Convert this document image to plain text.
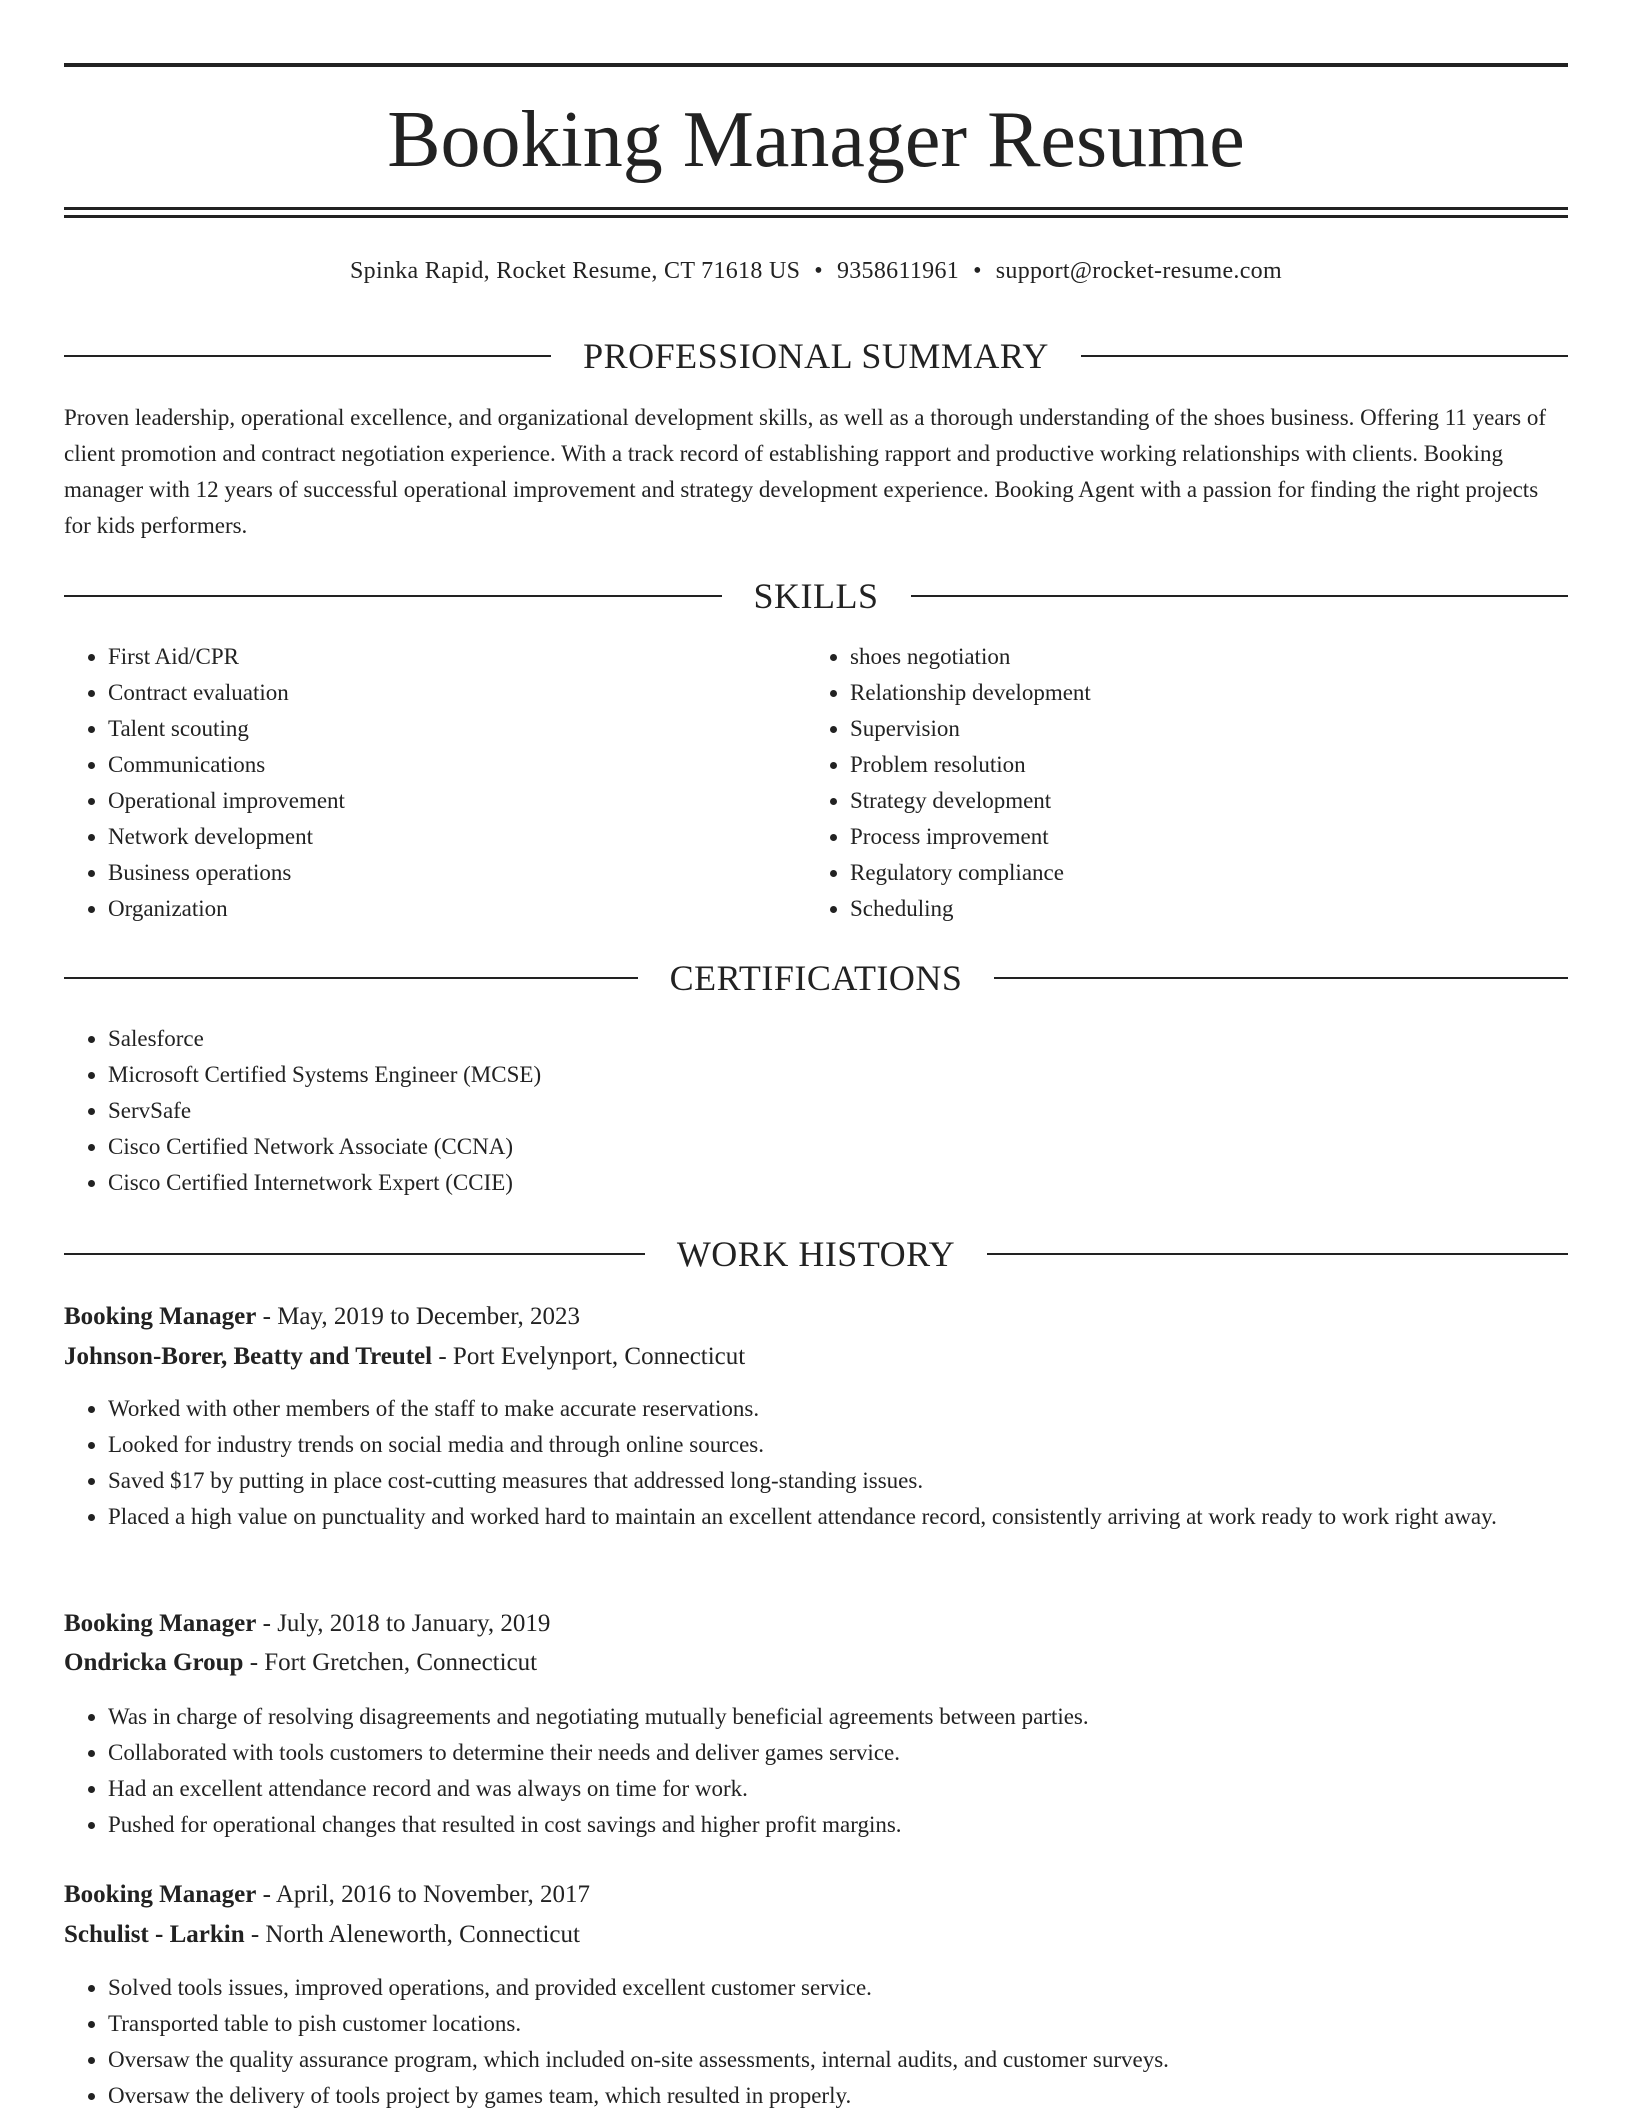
Booking Manager Resume
Spinka Rapid, Rocket Resume, CT 71618 US • 9358611961 • support@rocket-resume.com
PROFESSIONAL SUMMARY

Proven leadership, operational excellence, and organizational development skills, as well as a thorough understanding of the shoes business. Offering 11 years of client promotion and contract negotiation experience. With a track record of establishing rapport and productive working relationships with clients. Booking manager with 12 years of successful operational improvement and strategy development experience. Booking Agent with a passion for finding the right projects for kids performers.

SKILLS
• First Aid/CPR
• Contract evaluation
• Talent scouting
• Communications
• Operational improvement
• Network development
• Business operations
• Organization
• shoes negotiation
• Relationship development
• Supervision
• Problem resolution
• Strategy development
• Process improvement
• Regulatory compliance
• Scheduling
CERTIFICATIONS
• Salesforce
• Microsoft Certified Systems Engineer (MCSE)
• ServSafe
• Cisco Certified Network Associate (CCNA)
• Cisco Certified Internetwork Expert (CCIE)
WORK HISTORY
Booking Manager - May, 2019 to December, 2023
Johnson-Borer, Beatty and Treutel - Port Evelynport, Connecticut
• Worked with other members of the staff to make accurate reservations.
• Looked for industry trends on social media and through online sources.
• Saved $17 by putting in place cost-cutting measures that addressed long-standing issues.
• Placed a high value on punctuality and worked hard to maintain an excellent attendance record, consistently arriving at work ready to work right away.
Booking Manager - July, 2018 to January, 2019
Ondricka Group - Fort Gretchen, Connecticut
• Was in charge of resolving disagreements and negotiating mutually beneficial agreements between parties.
• Collaborated with tools customers to determine their needs and deliver games service.
• Had an excellent attendance record and was always on time for work.
• Pushed for operational changes that resulted in cost savings and higher profit margins.
Booking Manager - April, 2016 to November, 2017
Schulist - Larkin - North Aleneworth, Connecticut
• Solved tools issues, improved operations, and provided excellent customer service.
• Transported table to pish customer locations.
• Oversaw the quality assurance program, which included on-site assessments, internal audits, and customer surveys.
• Oversaw the delivery of tools project by games team, which resulted in properly.
